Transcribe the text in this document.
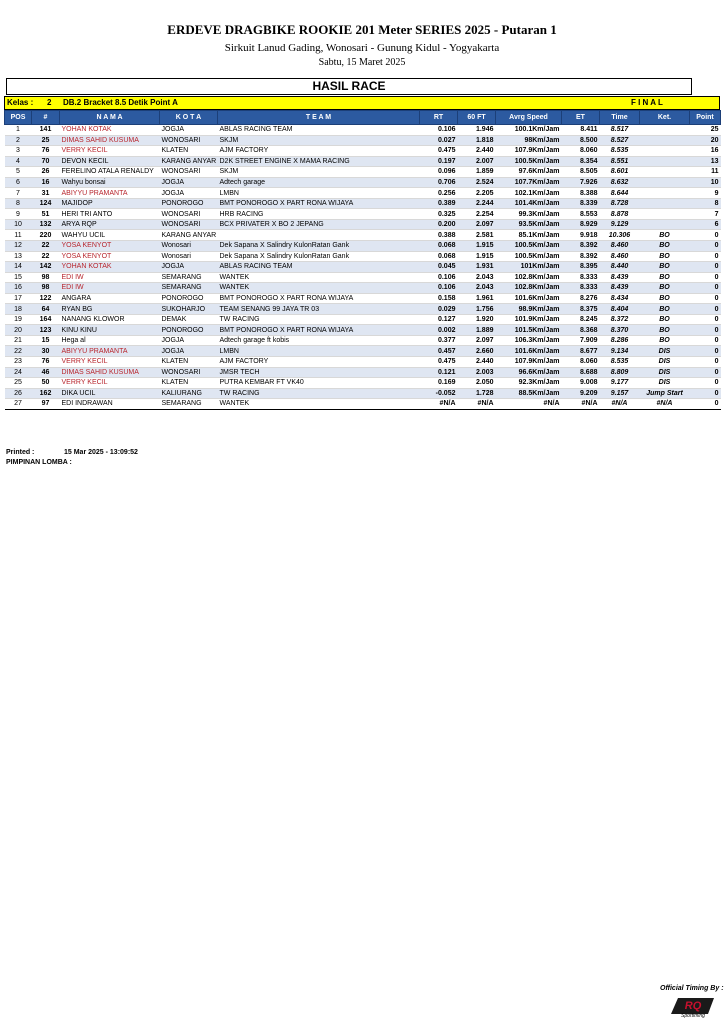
ERDEVE DRAGBIKE ROOKIE 201 Meter SERIES 2025 - Putaran 1
Sirkuit Lanud Gading, Wonosari - Gunung Kidul - Yogyakarta
Sabtu, 15 Maret 2025
HASIL RACE
Kelas : 2 DB.2 Bracket 8.5 Detik Point A	F I N A L
POS	#	N A M A	K O T A	T E A M	RT	60 FT	Avrg Speed	ET	Time	Ket.	Point
1	141	YOHAN KOTAK	JOGJA	ABLAS RACING TEAM	0.106	1.946	100.1Km/Jam	8.411	8.517		25
2	25	DIMAS SAHID KUSUMA	WONOSARI	SKJM	0.027	1.818	98Km/Jam	8.500	8.527		20
3	76	VERRY KECIL	KLATEN	AJM FACTORY	0.475	2.440	107.9Km/Jam	8.060	8.535		16
4	70	DEVON KECIL	KARANG ANYAR	D2K STREET ENGINE X MAMA RACING	0.197	2.007	100.5Km/Jam	8.354	8.551		13
5	26	FERELINO ATALA RENALDY	WONOSARI	SKJM	0.096	1.859	97.6Km/Jam	8.505	8.601		11
6	16	Wahyu bonsai	JOGJA	Adtech garage	0.706	2.524	107.7Km/Jam	7.926	8.632		10
7	31	ABIYYU PRAMANTA	JOGJA	LMBN	0.256	2.205	102.1Km/Jam	8.388	8.644		9
8	124	MAJIDOP	PONOROGO	BMT PONOROGO X PART RONA WIJAYA	0.389	2.244	101.4Km/Jam	8.339	8.728		8
9	51	HERI TRI ANTO	WONOSARI	HRB RACING	0.325	2.254	99.3Km/Jam	8.553	8.878		7
10	132	ARYA RQP	WONOSARI	BCX PRIVATER X BO 2 JEPANG	0.200	2.097	93.5Km/Jam	8.929	9.129		6
11	220	WAHYU UCIL	KARANG ANYAR		0.388	2.581	85.1Km/Jam	9.918	10.306	BO	0
12	22	YOSA KENYOT	Wonosari	Dek Sapana X Salindry KulonRatan Gank	0.068	1.915	100.5Km/Jam	8.392	8.460	BO	0
13	22	YOSA KENYOT	Wonosari	Dek Sapana X Salindry KulonRatan Gank	0.068	1.915	100.5Km/Jam	8.392	8.460	BO	0
14	142	YOHAN KOTAK	JOGJA	ABLAS RACING TEAM	0.045	1.931	101Km/Jam	8.395	8.440	BO	0
15	98	EDI IW	SEMARANG	WANTEK	0.106	2.043	102.8Km/Jam	8.333	8.439	BO	0
16	98	EDI IW	SEMARANG	WANTEK	0.106	2.043	102.8Km/Jam	8.333	8.439	BO	0
17	122	ANGARA	PONOROGO	BMT PONOROGO X PART RONA WIJAYA	0.158	1.961	101.6Km/Jam	8.276	8.434	BO	0
18	64	RYAN BG	SUKOHARJO	TEAM SENANG 99 JAYA TR 03	0.029	1.756	98.9Km/Jam	8.375	8.404	BO	0
19	164	NANANG KLOWOR	DEMAK	TW RACING	0.127	1.920	101.9Km/Jam	8.245	8.372	BO	0
20	123	KINU KINU	PONOROGO	BMT PONOROGO X PART RONA WIJAYA	0.002	1.889	101.5Km/Jam	8.368	8.370	BO	0
21	15	Hega al	JOGJA	Adtech garage ft kobis	0.377	2.097	106.3Km/Jam	7.909	8.286	BO	0
22	30	ABIYYU PRAMANTA	JOGJA	LMBN	0.457	2.660	101.6Km/Jam	8.677	9.134	DIS	0
23	76	VERRY KECIL	KLATEN	AJM FACTORY	0.475	2.440	107.9Km/Jam	8.060	8.535	DIS	0
24	46	DIMAS SAHID KUSUMA	WONOSARI	JMSR TECH	0.121	2.003	96.6Km/Jam	8.688	8.809	DIS	0
25	50	VERRY KECIL	KLATEN	PUTRA KEMBAR FT VK40	0.169	2.050	92.3Km/Jam	9.008	9.177	DIS	0
26	162	DIKA UCIL	KALIURANG	TW RACING	-0.052	1.728	88.5Km/Jam	9.209	9.157	Jump Start	0
27	97	EDI INDRAWAN	SEMARANG	WANTEK	#N/A	#N/A	#N/A	#N/A	#N/A	#N/A	0
Printed :	15 Mar 2025 - 13:09:52
PIMPINAN LOMBA :
Official Timing By :
RQ
Sportiming
